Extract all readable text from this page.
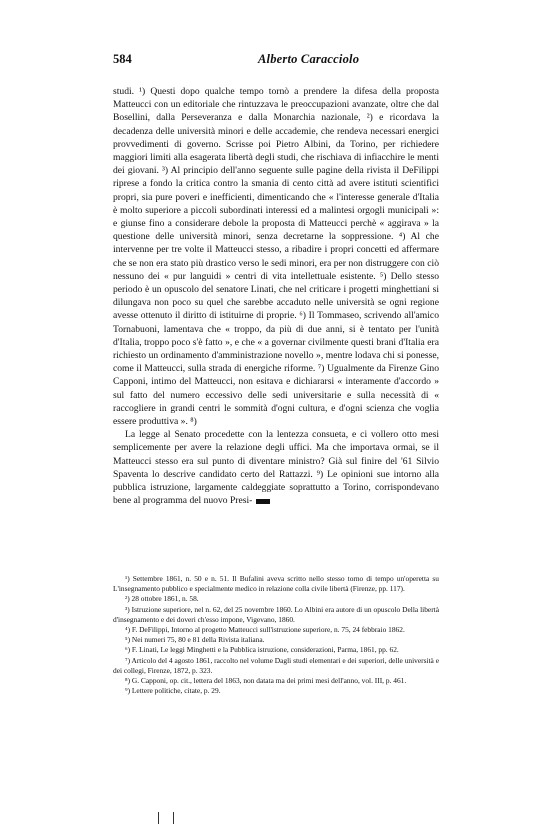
584	Alberto Caracciolo

studi. ¹) Questi dopo qualche tempo tornò a prendere la difesa della proposta Matteucci con un editoriale che rintuzzava le preoccupazioni avanzate, oltre che dal Bosellini, dalla Perseveranza e dalla Monarchia nazionale, ²) e ricordava la decadenza delle università minori e delle accademie, che rendeva necessari energici provvedimenti di governo. Scrisse poi Pietro Albini, da Torino, per richiedere maggiori limiti alla esagerata libertà degli studi, che rischiava di infiacchire le menti dei giovani. ³) Al principio dell'anno seguente sulle pagine della rivista il DeFilippi riprese a fondo la critica contro la smania di cento città ad avere istituti scientifici propri, sia pure poveri e inefficienti, dimenticando che « l'interesse generale d'Italia è molto superiore a piccoli subordinati interessi ed a malintesi orgogli municipali »: e giunse fino a considerare debole la proposta di Matteucci perchè « aggirava » la questione delle università minori, senza decretarne la soppressione. ⁴) Al che intervenne per tre volte il Matteucci stesso, a ribadire i propri concetti ed affermare che se non era stato più drastico verso le sedi minori, era per non distruggere con ciò nessuno dei « pur languidi » centri di vita intellettuale esistente. ⁵) Dello stesso periodo è un opuscolo del senatore Linati, che nel criticare i progetti minghettiani si dilungava non poco su quel che sarebbe accaduto nelle università se ogni regione avesse ottenuto il diritto di istituirne di proprie. ⁶) Il Tommaseo, scrivendo all'amico Tornabuoni, lamentava che « troppo, da più di due anni, si è tentato per l'unità d'Italia, troppo poco s'è fatto », e che « a governar civilmente questi brani d'Italia era richiesto un ordinamento d'amministrazione novello », mentre lodava chi si ponesse, come il Matteucci, sulla strada di energiche riforme. ⁷) Ugualmente da Firenze Gino Capponi, intimo del Matteucci, non esitava e dichiararsi « interamente d'accordo » sul fatto del numero eccessivo delle sedi universitarie e sulla necessità di « raccogliere in grandi centri le sommità d'ogni cultura, e d'ogni scienza che voglia essere produttiva ». ⁸)

La legge al Senato procedette con la lentezza consueta, e ci vollero otto mesi semplicemente per avere la relazione degli uffici. Ma che importava ormai, se il Matteucci stesso era sul punto di diventare ministro? Già sul finire del '61 Silvio Spaventa lo descrive candidato certo del Rattazzi. ⁹) Le opinioni sue intorno alla pubblica istruzione, largamente caldeggiate soprattutto a Torino, corrispondevano bene al programma del nuovo Presi-

¹) Settembre 1861, n. 50 e n. 51. Il Bufalini aveva scritto nello stesso torno di tempo un'operetta su L'insegnamento pubblico e specialmente medico in relazione colla civile libertà (Firenze, pp. 117).

²) 28 ottobre 1861, n. 58.

³) Istruzione superiore, nel n. 62, del 25 novembre 1860. Lo Albini era autore di un opuscolo Della libertà d'insegnamento e dei doveri ch'esso impone, Vigevano, 1860.

⁴) F. DeFilippi, Intorno al progetto Matteucci sull'istruzione superiore, n. 75, 24 febbraio 1862.

⁵) Nei numeri 75, 80 e 81 della Rivista italiana.

⁶) F. Linati, Le leggi Minghetti e la Pubblica istruzione, considerazioni, Parma, 1861, pp. 62.

⁷) Articolo del 4 agosto 1861, raccolto nel volume Dagli studi elementari e dei superiori, delle università e dei collegi, Firenze, 1872, p. 323.

⁸) G. Capponi, op. cit., lettera del 1863, non datata ma dei primi mesi dell'anno, vol. III, p. 461.

⁹) Lettere politiche, citate, p. 29.
